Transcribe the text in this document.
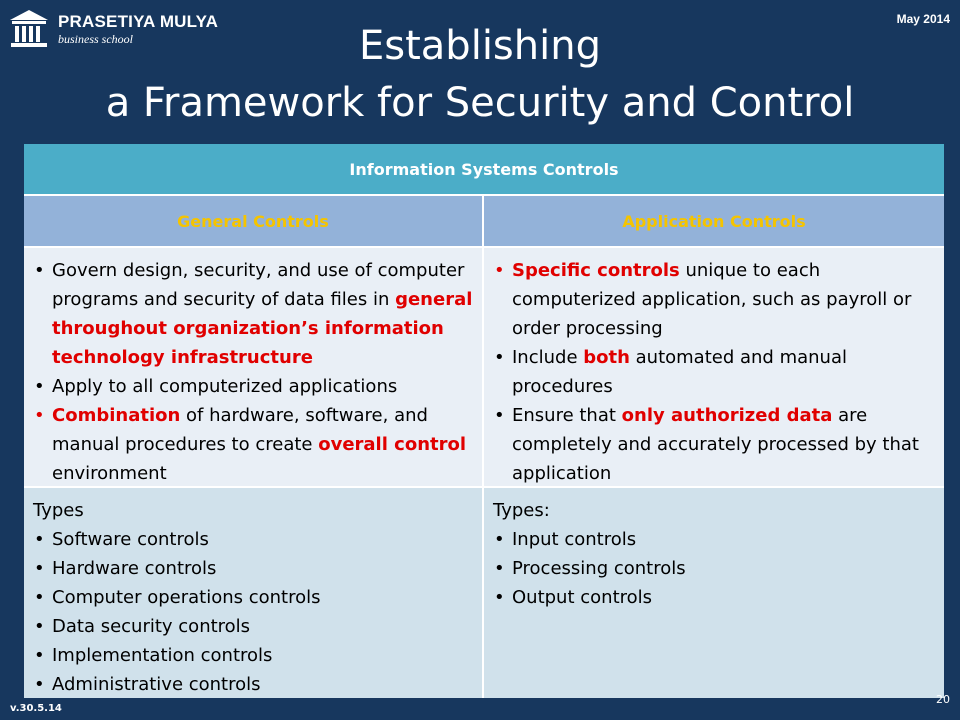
PRASETIYA MULYA
business school
May 2014
Establishing
a Framework for Security and Control
Information Systems Controls
General Controls	Application Controls
• Govern design, security, and use of computer programs and security of data files in general throughout organization’s information technology infrastructure
• Apply to all computerized applications
• Combination of hardware, software, and manual procedures to create overall control environment
• Specific controls unique to each computerized application, such as payroll or order processing
• Include both automated and manual procedures
• Ensure that only authorized data are completely and accurately processed by that application
Types
• Software controls
• Hardware controls
• Computer operations controls
• Data security controls
• Implementation controls
• Administrative controls
Types:
• Input controls
• Processing controls
• Output controls
v.30.5.14
20
